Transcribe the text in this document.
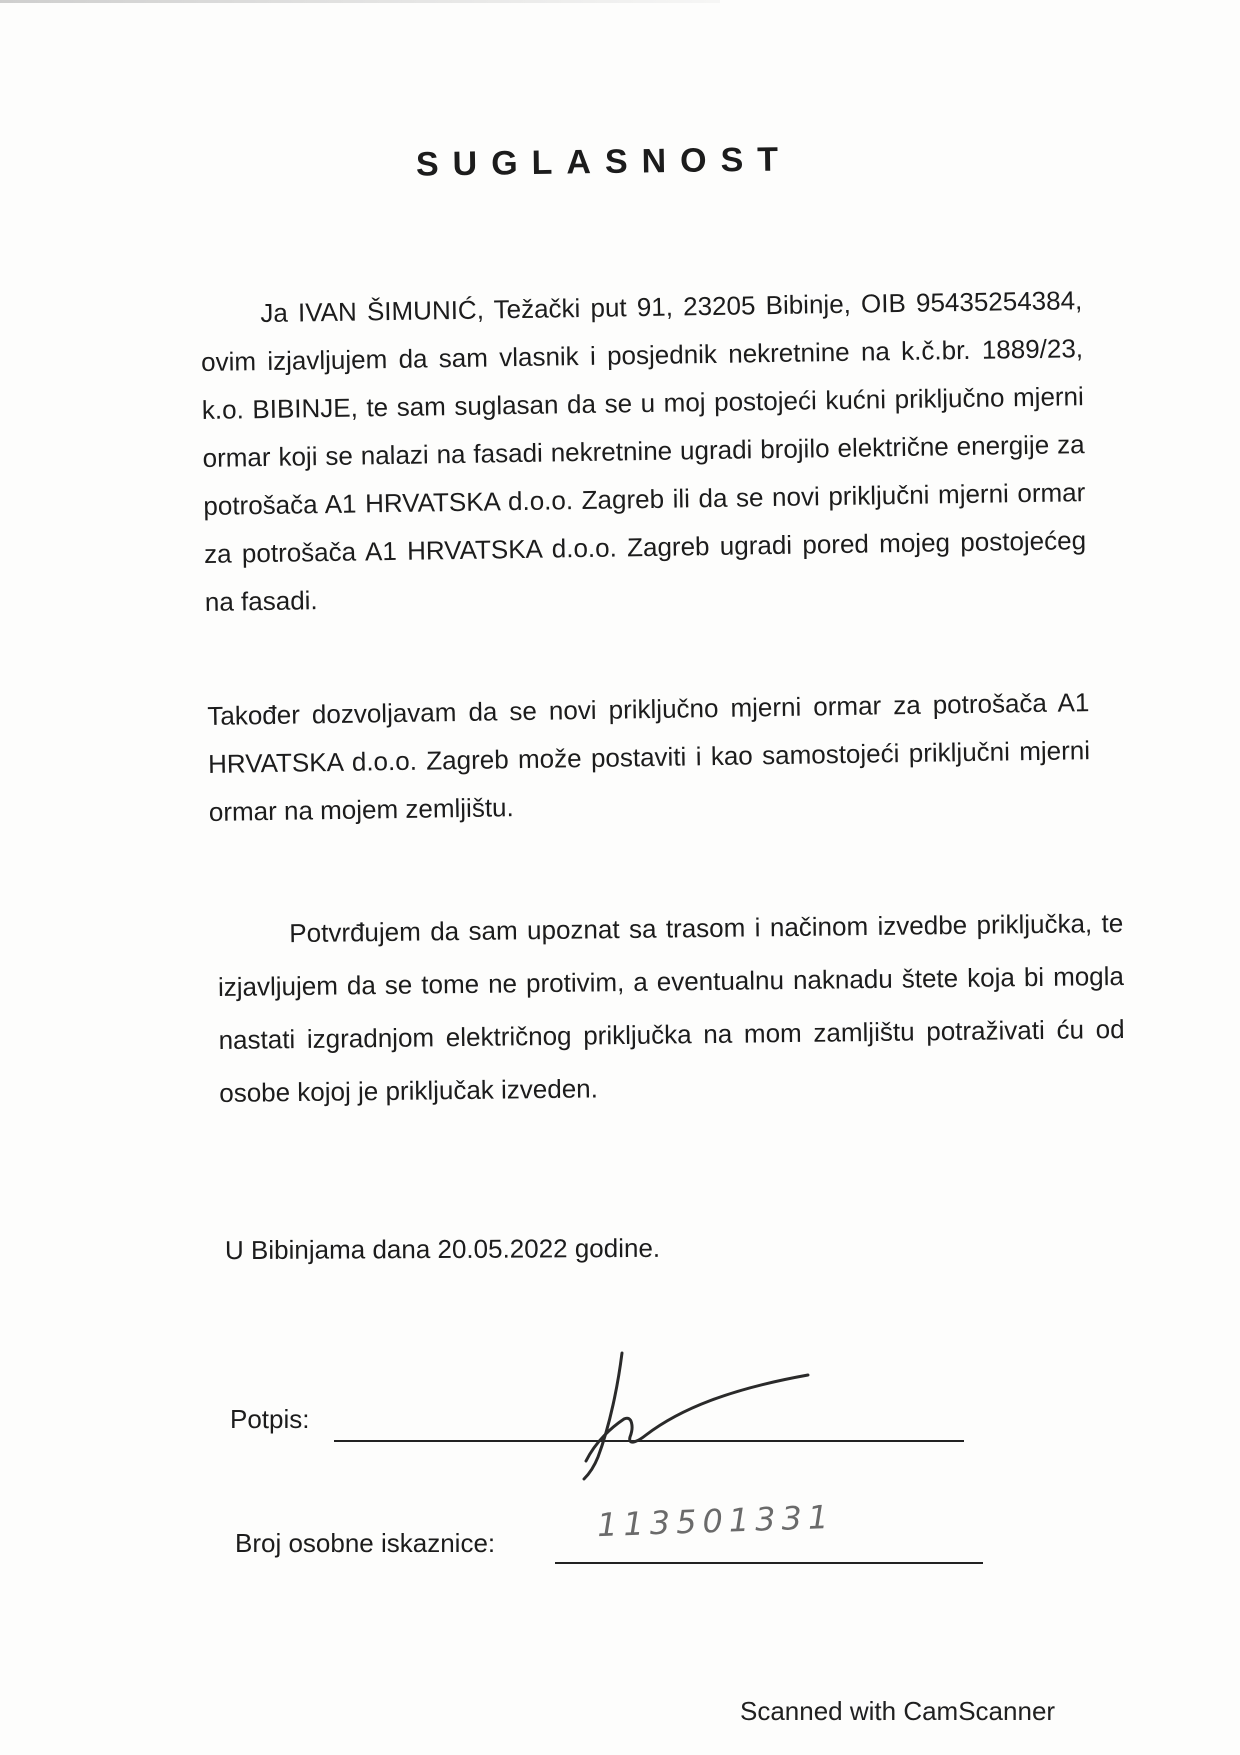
SUGLASNOST

Ja IVAN ŠIMUNIĆ, Težački put 91, 23205 Bibinje, OIB 95435254384, ovim izjavljujem da sam vlasnik i posjednik nekretnine na k.č.br. 1889/23, k.o. BIBINJE, te sam suglasan da se u moj postojeći kućni priključno mjerni ormar koji se nalazi na fasadi nekretnine ugradi brojilo električne energije za potrošača A1 HRVATSKA d.o.o. Zagreb ili da se novi priključni mjerni ormar za potrošača A1 HRVATSKA d.o.o. Zagreb ugradi pored mojeg postojećeg na fasadi.

Također dozvoljavam da se novi priključno mjerni ormar za potrošača A1 HRVATSKA d.o.o. Zagreb može postaviti i kao samostojeći priključni mjerni ormar na mojem zemljištu.

Potvrđujem da sam upoznat sa trasom i načinom izvedbe priključka, te izjavljujem da se tome ne protivim, a eventualnu naknadu štete koja bi mogla nastati izgradnjom električnog priključka na mom zamljištu potraživati ću od osobe kojoj je priključak izveden.

U Bibinjama dana 20.05.2022 godine.
Potpis:
Broj osobne iskaznice:	113501331
Scanned with CamScanner
